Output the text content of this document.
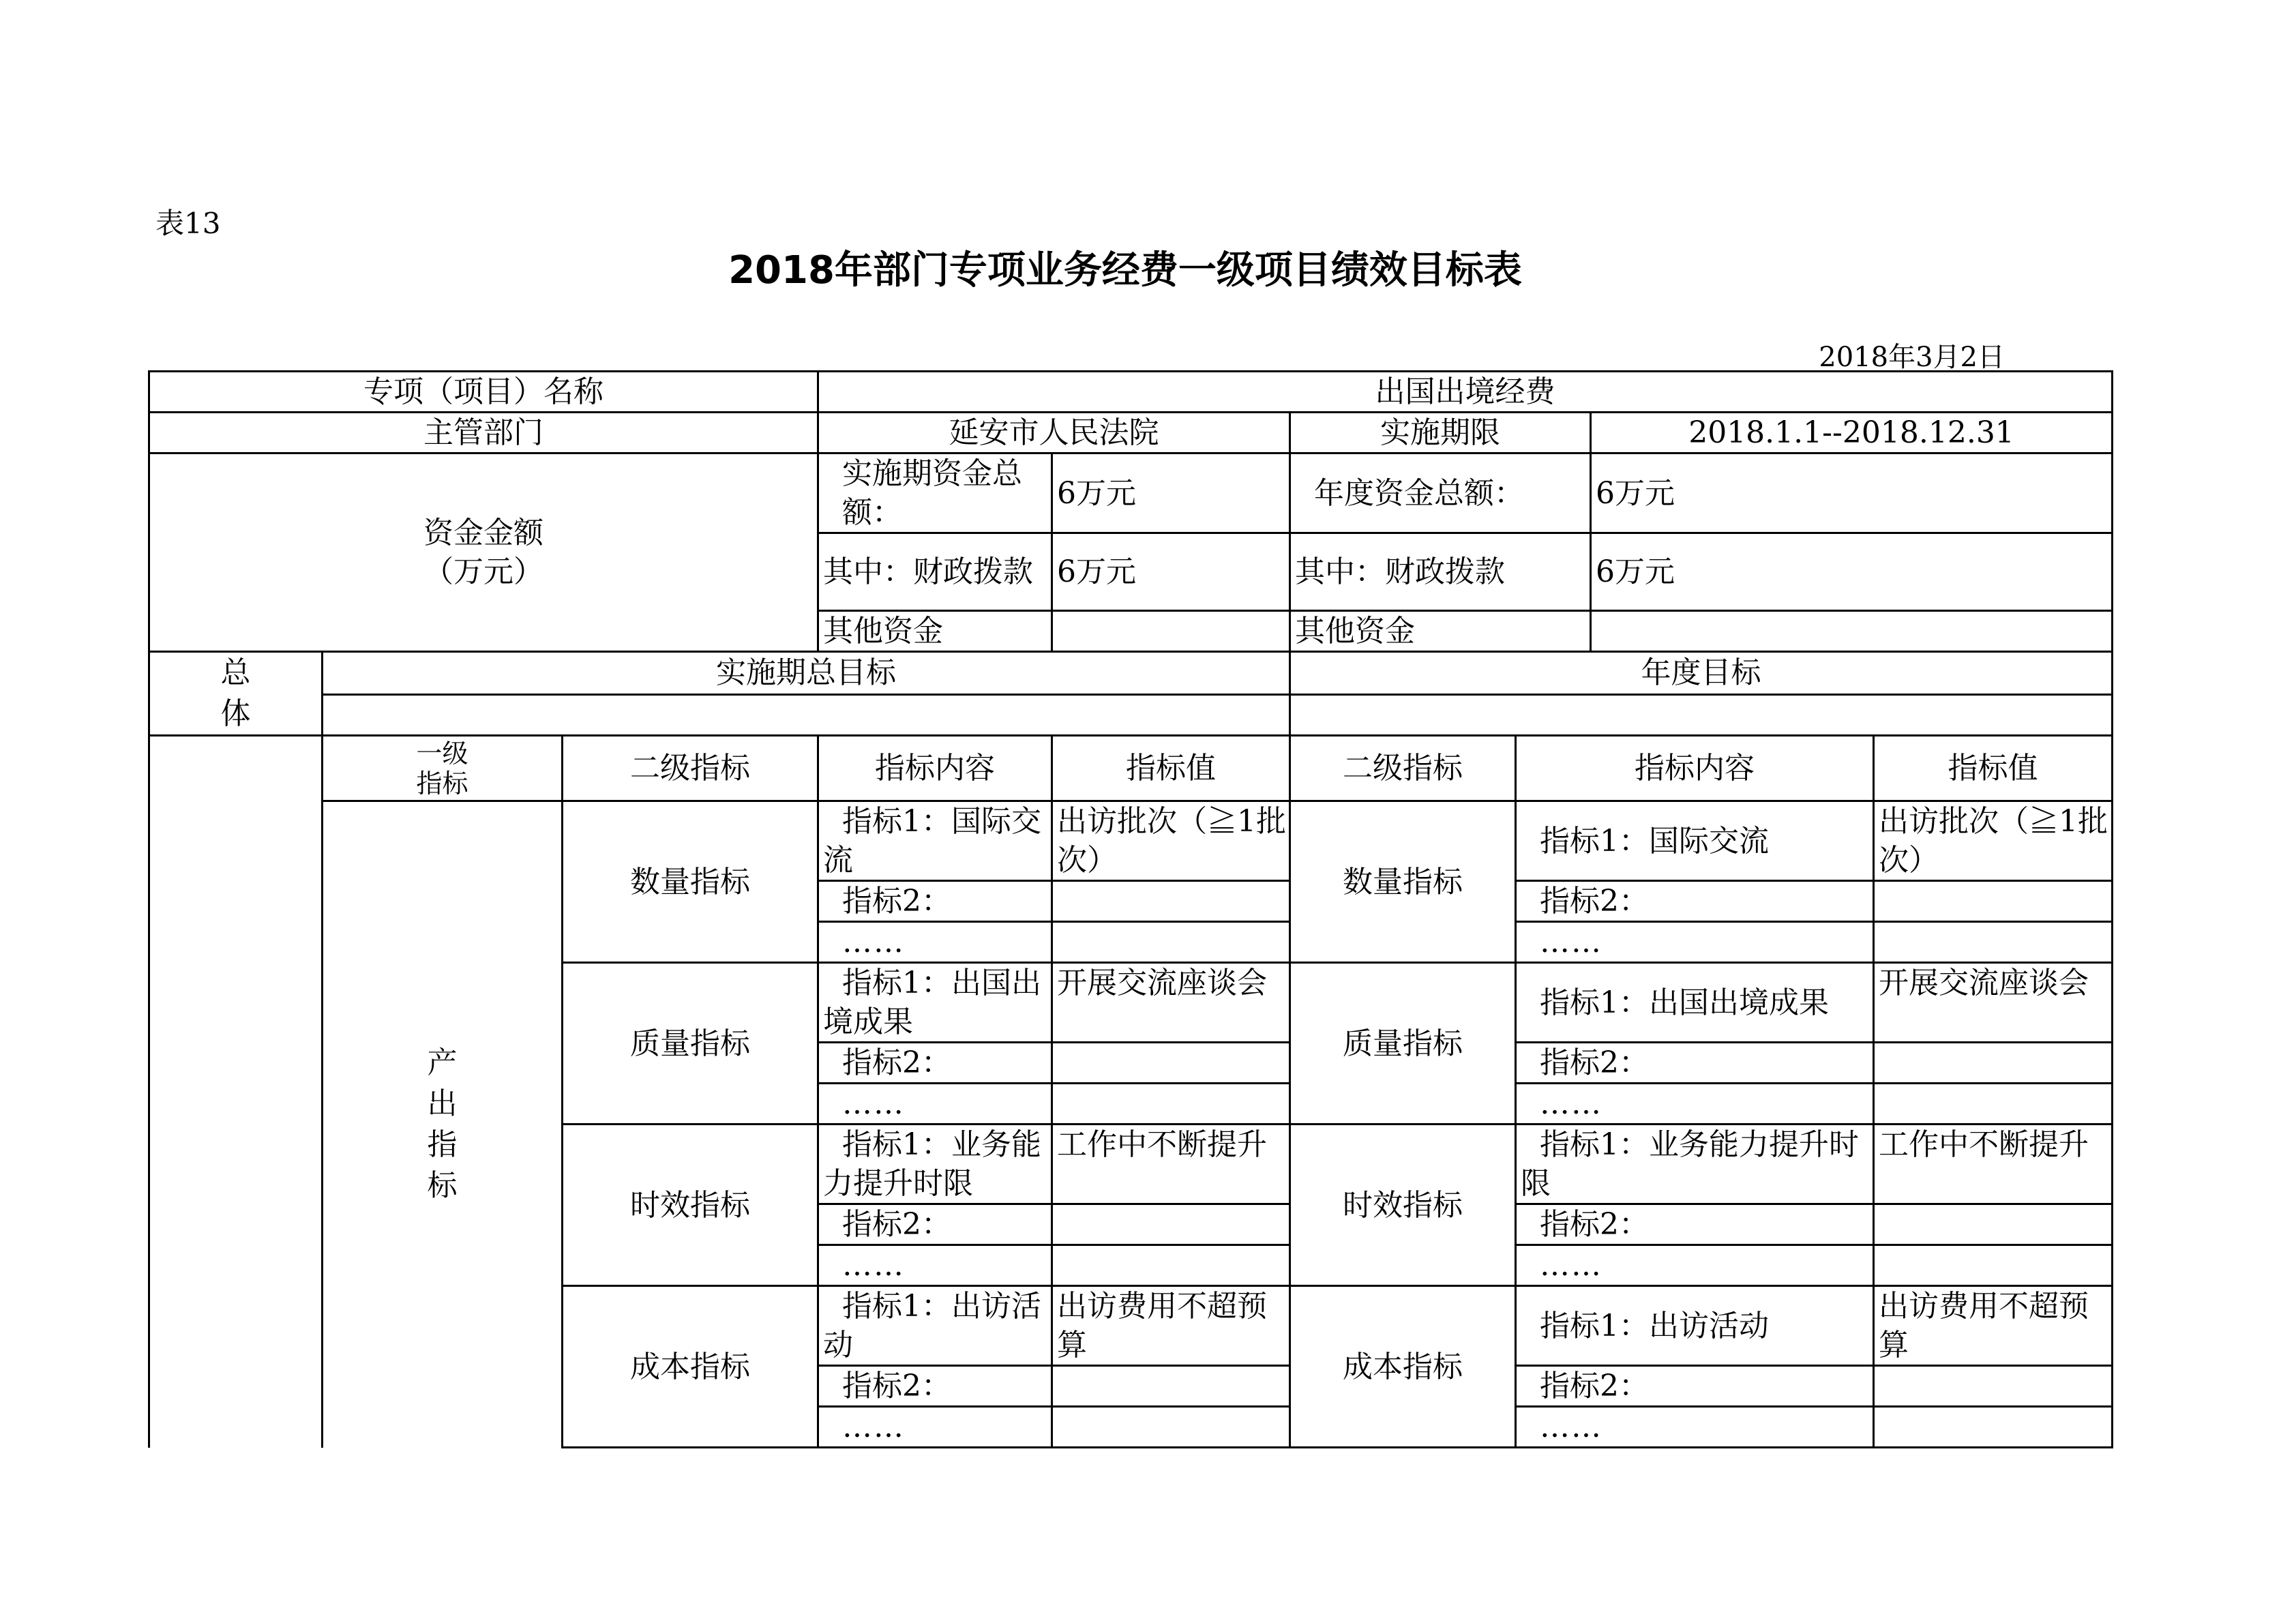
表13
2018年部门专项业务经费一级项目绩效目标表
2018年3月2日
专项（项目）名称			出国出境经费					
主管部门			延安市人民法院		实施期限		2018.1.1--2018.12.31	

资金金额
（万元）			实施期资金总额：	6万元	年度资金总额：		6万元	
			其中：财政拨款	6万元	其中：财政拨款		6万元	
			其他资金		其他资金			
总体	实施期总目标				年度目标			

	一级指标	二级指标	指标内容	指标值	二级指标	指标内容		指标值
	产出指标	数量指标	指标1：国际交流	出访批次（≧1批次）	数量指标	指标1：国际交流		出访批次（≧1批次）
			指标2：			指标2：		
			……			……		
		质量指标	指标1：出国出境成果	开展交流座谈会	质量指标	指标1：出国出境成果		开展交流座谈会
			指标2：			指标2：		
			……			……		
		时效指标	指标1：业务能力提升时限	工作中不断提升	时效指标	指标1：业务能力提升时限		工作中不断提升
			指标2：			指标2：		
			……			……		
		成本指标	指标1：出访活动	出访费用不超预算	成本指标	指标1：出访活动		出访费用不超预算
			指标2：			指标2：		
			……			……		
